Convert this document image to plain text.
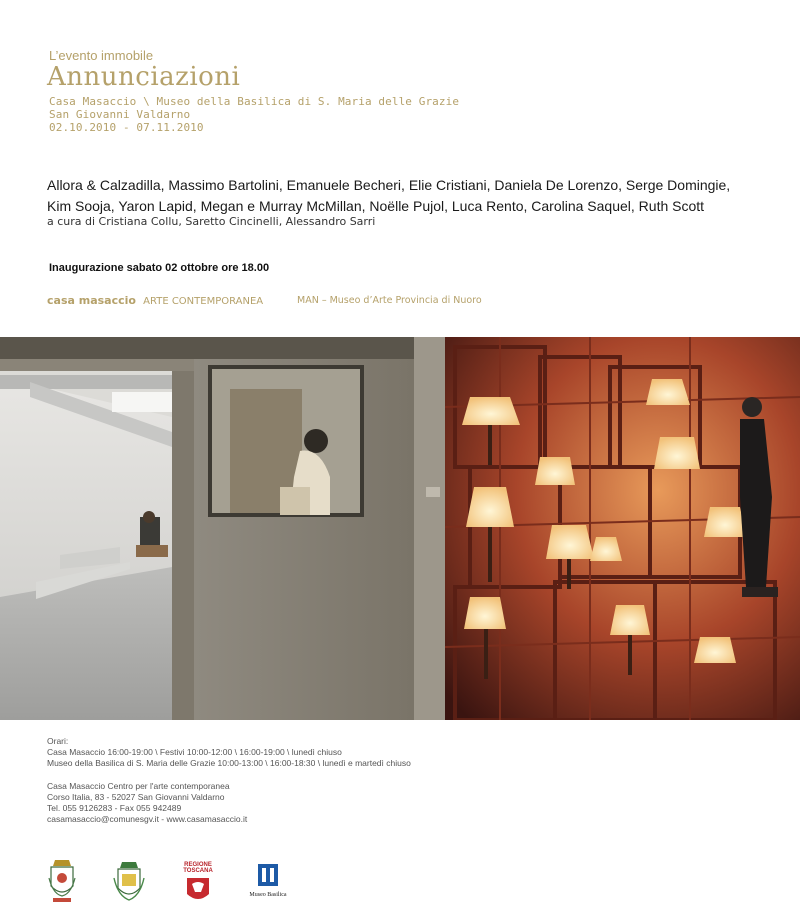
L’evento immobile
Annunciazioni
Casa Masaccio \ Museo della Basilica di S. Maria delle Grazie
San Giovanni Valdarno
02.10.2010 - 07.11.2010
Allora & Calzadilla, Massimo Bartolini, Emanuele Becheri, Elie Cristiani, Daniela De Lorenzo, Serge Domingie,
Kim Sooja, Yaron Lapid, Megan e Murray McMillan, Noëlle Pujol, Luca Rento, Carolina Saquel, Ruth Scott
a cura di Cristiana Collu, Saretto Cincinelli, Alessandro Sarri
Inaugurazione sabato 02 ottobre ore 18.00
casa masaccio ARTE CONTEMPORANEA	MAN – Museo d’Arte Provincia di Nuoro
Orari:
Casa Masaccio 16:00-19:00 \ Festivi 10:00-12:00 \ 16:00-19:00 \ lunedì chiuso
Museo della Basilica di S. Maria delle Grazie 10:00-13:00 \ 16:00-18:30 \ lunedì e martedì chiuso
Casa Masaccio Centro per l'arte contemporanea
Corso Italia, 83 - 52027 San Giovanni Valdarno
Tel. 055 9126283 - Fax 055 942489
casamasaccio@comunesgv.it - www.casamasaccio.it
REGIONE
TOSCANA
Museo Basilica
